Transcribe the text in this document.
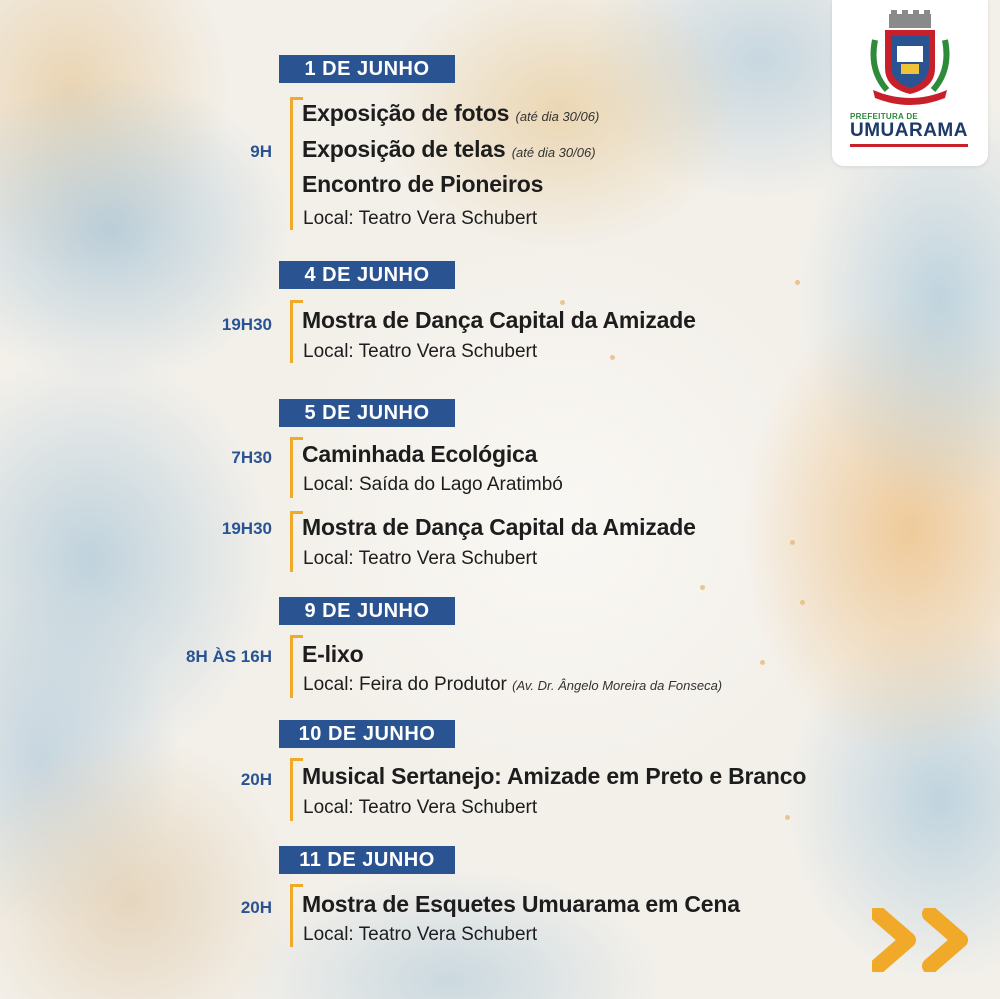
PREFEITURA DE
UMUARAMA
1 DE JUNHO
9H
Exposição de fotos (até dia 30/06)
Exposição de telas (até dia 30/06)
Encontro de Pioneiros
Local: Teatro Vera Schubert
4 DE JUNHO
19H30 Mostra de Dança Capital da Amizade
Local: Teatro Vera Schubert
5 DE JUNHO
7H30 Caminhada Ecológica
Local: Saída do Lago Aratimbó
19H30 Mostra de Dança Capital da Amizade
Local: Teatro Vera Schubert
9 DE JUNHO
8H ÀS 16H E-lixo
Local: Feira do Produtor (Av. Dr. Ângelo Moreira da Fonseca)
10 DE JUNHO
20H Musical Sertanejo: Amizade em Preto e Branco
Local: Teatro Vera Schubert
11 DE JUNHO
20H Mostra de Esquetes Umuarama em Cena
Local: Teatro Vera Schubert
